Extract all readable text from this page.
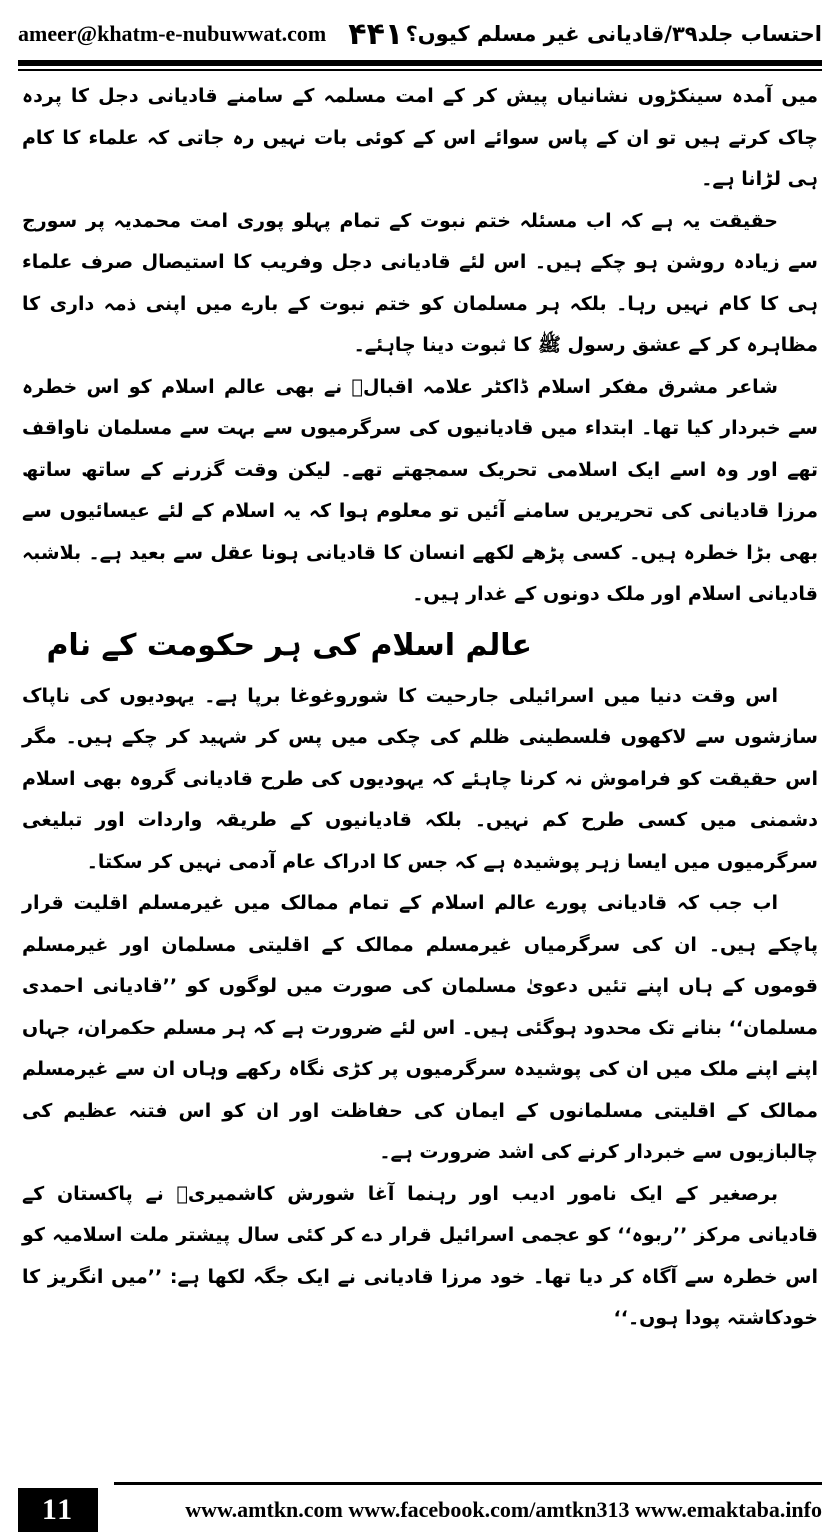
ameer@khatm-e-nubuwwat.com ۴۴۱ احتساب جلد۳۹/قادیانی غیر مسلم کیوں؟

میں آمدہ سینکڑوں نشانیاں پیش کر کے امت مسلمہ کے سامنے قادیانی دجل کا پردہ چاک کرتے ہیں تو ان کے پاس سوائے اس کے کوئی بات نہیں رہ جاتی کہ علماء کا کام ہی لڑانا ہے۔

حقیقت یہ ہے کہ اب مسئلہ ختم نبوت کے تمام پہلو پوری امت محمدیہ پر سورج سے زیادہ روشن ہو چکے ہیں۔ اس لئے قادیانی دجل وفریب کا استیصال صرف علماء ہی کا کام نہیں رہا۔ بلکہ ہر مسلمان کو ختم نبوت کے بارے میں اپنی ذمہ داری کا مظاہرہ کر کے عشق رسول ﷺ کا ثبوت دینا چاہئے۔

شاعر مشرق مفکر اسلام ڈاکٹر علامہ اقبالؒ نے بھی عالم اسلام کو اس خطرہ سے خبردار کیا تھا۔ ابتداء میں قادیانیوں کی سرگرمیوں سے بہت سے مسلمان ناواقف تھے اور وہ اسے ایک اسلامی تحریک سمجھتے تھے۔ لیکن وقت گزرنے کے ساتھ ساتھ مرزا قادیانی کی تحریریں سامنے آئیں تو معلوم ہوا کہ یہ اسلام کے لئے عیسائیوں سے بھی بڑا خطرہ ہیں۔ کسی پڑھے لکھے انسان کا قادیانی ہونا عقل سے بعید ہے۔ بلاشبہ قادیانی اسلام اور ملک دونوں کے غدار ہیں۔

عالم اسلام کی ہر حکومت کے نام

اس وقت دنیا میں اسرائیلی جارحیت کا شوروغوغا برپا ہے۔ یہودیوں کی ناپاک سازشوں سے لاکھوں فلسطینی ظلم کی چکی میں پس کر شہید کر چکے ہیں۔ مگر اس حقیقت کو فراموش نہ کرنا چاہئے کہ یہودیوں کی طرح قادیانی گروہ بھی اسلام دشمنی میں کسی طرح کم نہیں۔ بلکہ قادیانیوں کے طریقہ واردات اور تبلیغی سرگرمیوں میں ایسا زہر پوشیدہ ہے کہ جس کا ادراک عام آدمی نہیں کر سکتا۔

اب جب کہ قادیانی پورے عالم اسلام کے تمام ممالک میں غیرمسلم اقلیت قرار پاچکے ہیں۔ ان کی سرگرمیاں غیرمسلم ممالک کے اقلیتی مسلمان اور غیرمسلم قوموں کے ہاں اپنے تئیں دعویٰ مسلمان کی صورت میں لوگوں کو ’’قادیانی احمدی مسلمان‘‘ بنانے تک محدود ہوگئی ہیں۔ اس لئے ضرورت ہے کہ ہر مسلم حکمران، جہاں اپنے اپنے ملک میں ان کی پوشیدہ سرگرمیوں پر کڑی نگاہ رکھے وہاں ان سے غیرمسلم ممالک کے اقلیتی مسلمانوں کے ایمان کی حفاظت اور ان کو اس فتنہ عظیم کی چالبازیوں سے خبردار کرنے کی اشد ضرورت ہے۔

برصغیر کے ایک نامور ادیب اور رہنما آغا شورش کاشمیریؒ نے پاکستان کے قادیانی مرکز ’’ربوہ‘‘ کو عجمی اسرائیل قرار دے کر کئی سال پیشتر ملت اسلامیہ کو اس خطرہ سے آگاہ کر دیا تھا۔ خود مرزا قادیانی نے ایک جگہ لکھا ہے: ’’میں انگریز کا خودکاشتہ پودا ہوں۔‘‘

11	www.amtkn.com www.facebook.com/amtkn313 www.emaktaba.info
